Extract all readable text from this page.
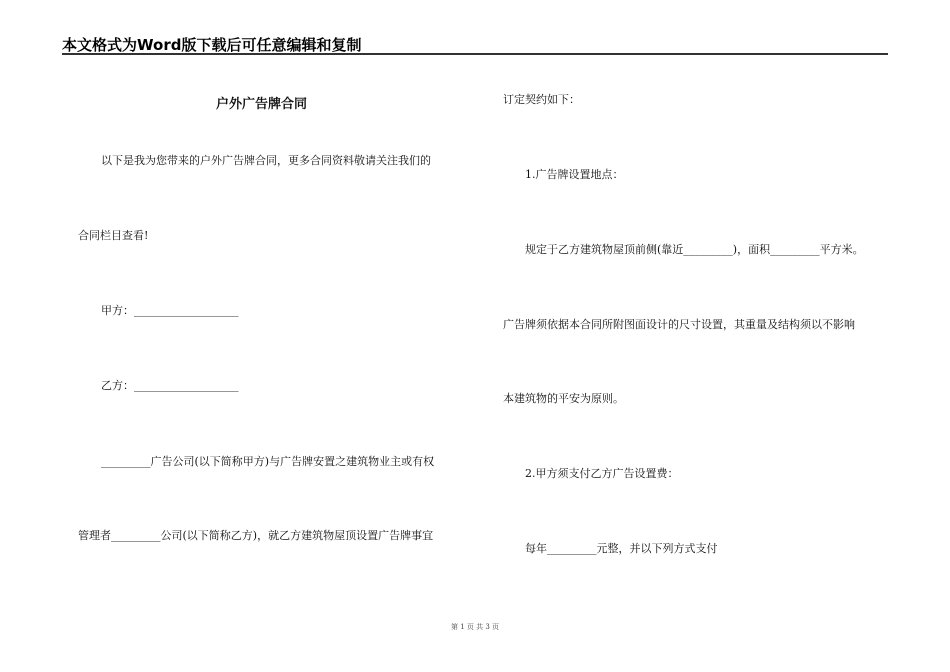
本文格式为Word版下载后可任意编辑和复制
户外广告牌合同
以下是我为您带来的户外广告牌合同，更多合同资料敬请关注我们的
合同栏目查看!
甲方：___________________
乙方：___________________
_________广告公司(以下简称甲方)与广告牌安置之建筑物业主或有权
管理者_________公司(以下简称乙方)，就乙方建筑物屋顶设置广告牌事宜
订定契约如下：
1.广告牌设置地点：
规定于乙方建筑物屋顶前侧(靠近_________)，面积_________平方米。
广告牌须依据本合同所附图面设计的尺寸设置，其重量及结构须以不影响
本建筑物的平安为原则。
2.甲方须支付乙方广告设置费：
每年_________元整，并以下列方式支付
第 1 页 共 3 页
